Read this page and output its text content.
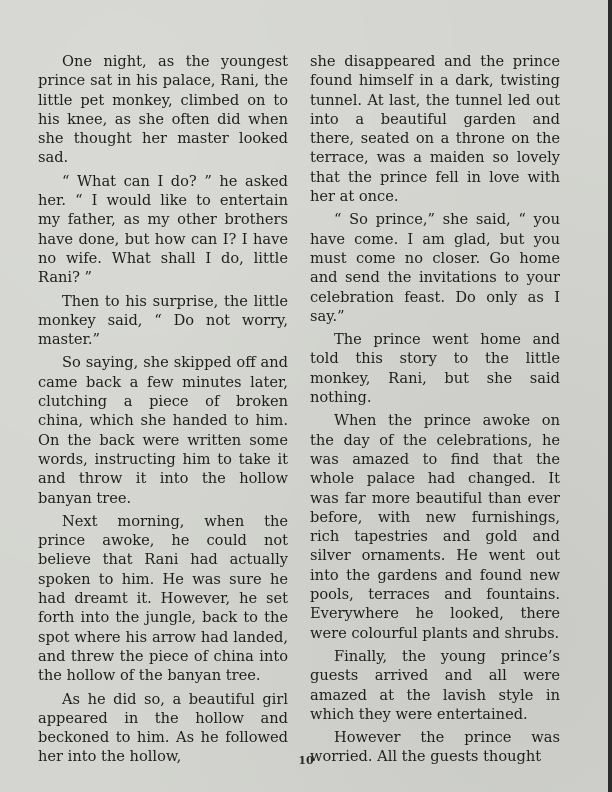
One night, as the youngest prince sat in his palace, Rani, the little pet monkey, climbed on to his knee, as she often did when she thought her master looked sad.

“ What can I do? ” he asked her. “ I would like to entertain my father, as my other brothers have done, but how can I? I have no wife. What shall I do, little Rani? ”

Then to his surprise, the little monkey said, “ Do not worry, master.”

So saying, she skipped off and came back a few minutes later, clutching a piece of broken china, which she handed to him. On the back were written some words, instructing him to take it and throw it into the hollow banyan tree.

Next morning, when the prince awoke, he could not believe that Rani had actually spoken to him. He was sure he had dreamt it. However, he set forth into the jungle, back to the spot where his arrow had landed, and threw the piece of china into the hollow of the banyan tree.

As he did so, a beautiful girl appeared in the hollow and beckoned to him. As he followed her into the hollow,

she disappeared and the prince found himself in a dark, twisting tunnel. At last, the tunnel led out into a beautiful garden and there, seated on a throne on the terrace, was a maiden so lovely that the prince fell in love with her at once.

“ So prince,” she said, “ you have come. I am glad, but you must come no closer. Go home and send the invitations to your celebration feast. Do only as I say.”

The prince went home and told this story to the little monkey, Rani, but she said nothing.

When the prince awoke on the day of the celebrations, he was amazed to find that the whole palace had changed. It was far more beautiful than ever before, with new furnishings, rich tapestries and gold and silver ornaments. He went out into the gardens and found new pools, terraces and fountains. Everywhere he looked, there were colourful plants and shrubs.

Finally, the young prince’s guests arrived and all were amazed at the lavish style in which they were entertained.

However the prince was worried. All the guests thought

10
